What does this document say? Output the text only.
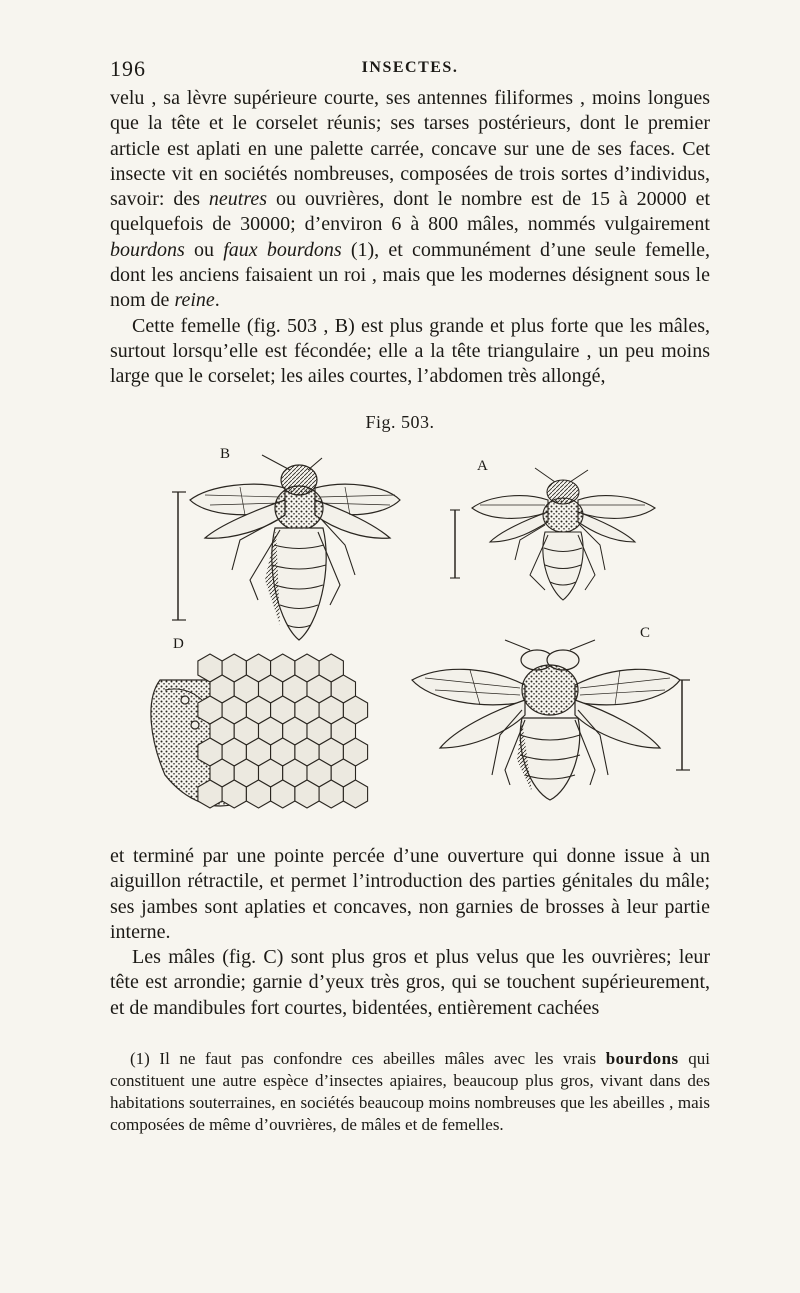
196	INSECTES.

velu , sa lèvre supérieure courte, ses antennes filiformes , moins longues que la tête et le corselet réunis; ses tarses postérieurs, dont le premier article est aplati en une palette carrée, concave sur une de ses faces. Cet insecte vit en sociétés nombreuses, composées de trois sortes d’individus, savoir: des neutres ou ouvrières, dont le nombre est de 15 à 20000 et quelquefois de 30000; d’environ 6 à 800 mâles, nommés vulgairement bourdons ou faux bourdons (1), et communément d’une seule femelle, dont les anciens faisaient un roi , mais que les modernes désignent sous le nom de reine.

Cette femelle (fig. 503 , B) est plus grande et plus forte que les mâles, surtout lorsqu’elle est fécondée; elle a la tête triangulaire , un peu moins large que le corselet; les ailes courtes, l’abdomen très allongé,

Fig. 503.
B
A
D
C

et terminé par une pointe percée d’une ouverture qui donne issue à un aiguillon rétractile, et permet l’introduction des parties génitales du mâle; ses jambes sont aplaties et concaves, non garnies de brosses à leur partie interne.

Les mâles (fig. C) sont plus gros et plus velus que les ouvrières; leur tête est arrondie; garnie d’yeux très gros, qui se touchent supérieurement, et de mandibules fort courtes, bidentées, entièrement cachées

(1) Il ne faut pas confondre ces abeilles mâles avec les vrais bourdons qui constituent une autre espèce d’insectes apiaires, beaucoup plus gros, vivant dans des habitations souterraines, en sociétés beaucoup moins nombreuses que les abeilles , mais composées de même d’ouvrières, de mâles et de femelles.
